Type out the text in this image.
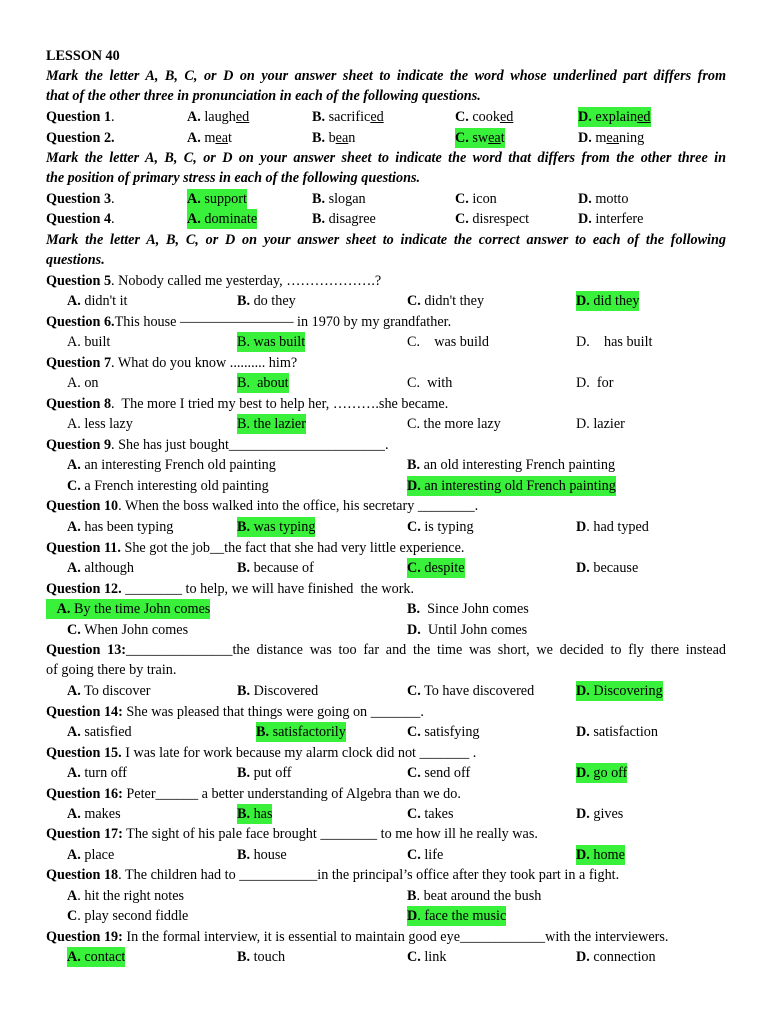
LESSON 40
Mark the letter A, B, C, or D on your answer sheet to indicate the word whose underlined part differs from
that of the other three in pronunciation in each of the following questions.
Question 1.	A. laughed	B. sacrificed	C. cooked	D. explained
Question 2.	A. meat	B. bean	C. sweat	D. meaning
Mark the letter A, B, C, or D on your answer sheet to indicate the word that differs from the other three in
the position of primary stress in each of the following questions.
Question 3.	A. support	B. slogan	C. icon	D. motto
Question 4.	A. dominate	B. disagree	C. disrespect	D. interfere
Mark the letter A, B, C, or D on your answer sheet to indicate the correct answer to each of the following
questions.
Question 5. Nobody called me yesterday, ……………….?
A. didn't it	B. do they	C. didn't they	D. did they
Question 6.This house ———————— in 1970 by my grandfather.
A. built	B. was built	C.    was build	D.    has built
Question 7. What do you know .......... him?
A. on	B.  about	C.  with	D.  for
Question 8.  The more I tried my best to help her, ……….she became.
A. less lazy	B. the lazier	C. the more lazy	D. lazier
Question 9. She has just bought______________________.
A. an interesting French old painting	B. an old interesting French painting
C. a French interesting old painting	D. an interesting old French painting
Question 10. When the boss walked into the office, his secretary ________.
A. has been typing	B. was typing	C. is typing	D. had typed
Question 11. She got the job__the fact that she had very little experience.
A. although	B. because of	C. despite	D. because
Question 12. ________ to help, we will have finished  the work.
A. By the time John comes	B.  Since John comes
C. When John comes	D.  Until John comes
Question 13:_______________the distance was too far and the time was short, we decided to fly there instead
of going there by train.
A. To discover	B. Discovered	C. To have discovered	D. Discovering
Question 14: She was pleased that things were going on _______.
A. satisfied	B. satisfactorily	C. satisfying	D. satisfaction
Question 15. I was late for work because my alarm clock did not _______ .
A. turn off	B. put off	C. send off	D. go off
Question 16: Peter______ a better understanding of Algebra than we do.
A. makes	B. has	C. takes	D. gives
Question 17: The sight of his pale face brought ________ to me how ill he really was.
A. place	B. house	C. life	D. home
Question 18. The children had to ___________in the principal’s office after they took part in a fight.
A. hit the right notes	B. beat around the bush
C. play second fiddle	D. face the music
Question 19: In the formal interview, it is essential to maintain good eye____________with the interviewers.
A. contact	B. touch	C. link	D. connection
